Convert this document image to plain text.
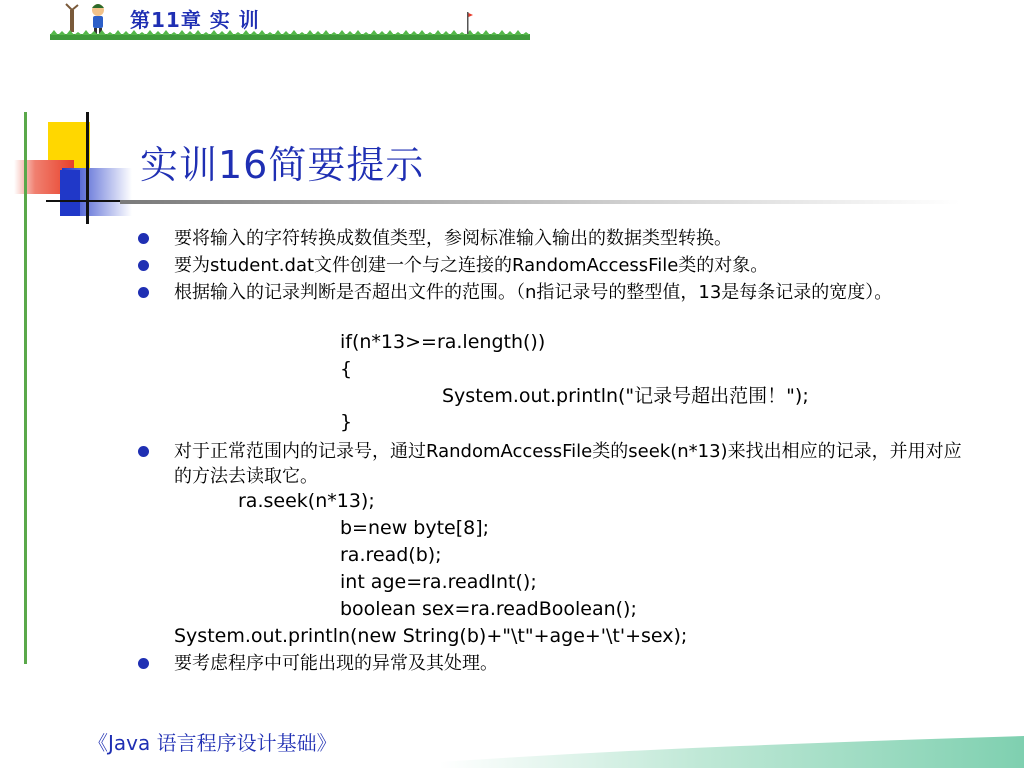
第11章 实 训
实训16简要提示
要将输入的字符转换成数值类型，参阅标准输入输出的数据类型转换。
要为student.dat文件创建一个与之连接的RandomAccessFile类的对象。
根据输入的记录判断是否超出文件的范围。（n指记录号的整型值，13是每条记录的宽度）。
if(n*13>=ra.length())
{
System.out.println("记录号超出范围！");
}
对于正常范围内的记录号，通过RandomAccessFile类的seek(n*13)来找出相应的记录，并用对应的方法去读取它。
ra.seek(n*13);
b=new byte[8];
ra.read(b);
int age=ra.readInt();
boolean sex=ra.readBoolean();
System.out.println(new String(b)+"\t"+age+'\t'+sex);
要考虑程序中可能出现的异常及其处理。
《Java 语言程序设计基础》
